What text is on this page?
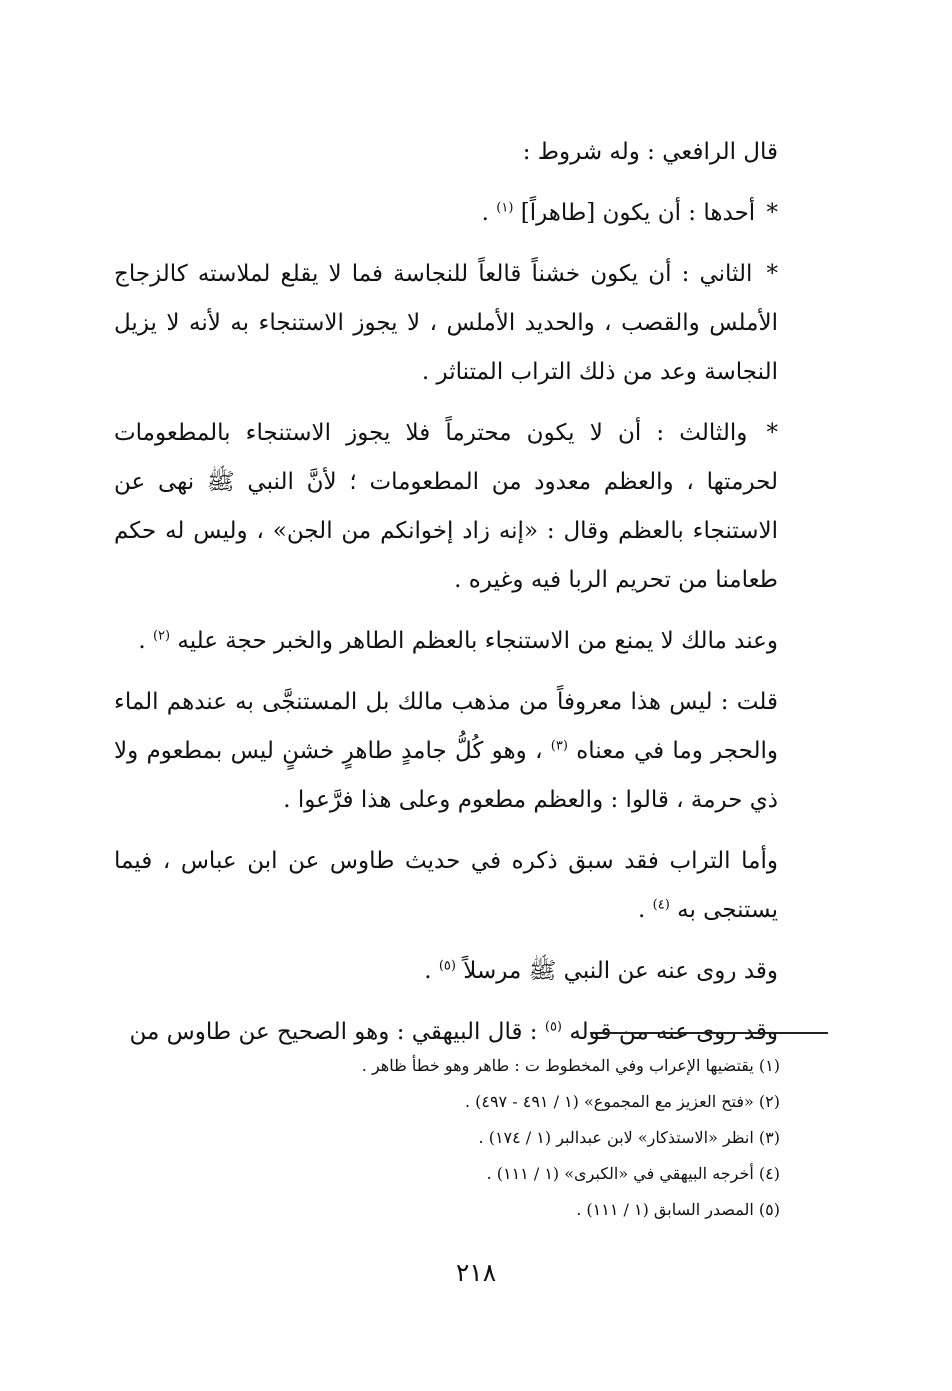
قال الرافعي : وله شروط :

* أحدها : أن يكون [طاهراً] $^{(١)}$ .

* الثاني : أن يكون خشناً قالعاً للنجاسة فما لا يقلع لملاسته كالزجاج الأملس والقصب ، والحديد الأملس ، لا يجوز الاستنجاء به لأنه لا يزيل النجاسة وعد من ذلك التراب المتناثر .

* والثالث : أن لا يكون محترماً فلا يجوز الاستنجاء بالمطعومات لحرمتها ، والعظم معدود من المطعومات ؛ لأنَّ النبي ﷺ نهى عن الاستنجاء بالعظم وقال : «إنه زاد إخوانكم من الجن» ، وليس له حكم طعامنا من تحريم الربا فيه وغيره .

وعند مالك لا يمنع من الاستنجاء بالعظم الطاهر والخبر حجة عليه $^{(٢)}$ .

قلت : ليس هذا معروفاً من مذهب مالك بل المستنجَّى به عندهم الماء والحجر وما في معناه $^{(٣)}$ ، وهو كُلُّ جامدٍ طاهرٍ خشنٍ ليس بمطعوم ولا ذي حرمة ، قالوا : والعظم مطعوم وعلى هذا فرَّعوا .

وأما التراب فقد سبق ذكره في حديث طاوس عن ابن عباس ، فيما يستنجى به $^{(٤)}$ .

وقد روى عنه عن النبي ﷺ مرسلاً $^{(٥)}$ .

وقد روى عنه من قوله $^{(٥)}$ : قال البيهقي : وهو الصحيح عن طاوس من

(١) يقتضيها الإعراب وفي المخطوط ت : طاهر وهو خطأ ظاهر .
(٢) «فتح العزيز مع المجموع» (١ / ٤٩١ - ٤٩٧) .
(٣) انظر «الاستذكار» لابن عبدالبر (١ / ١٧٤) .
(٤) أخرجه البيهقي في «الكبرى» (١ / ١١١) .
(٥) المصدر السابق (١ / ١١١) .
٢١٨
